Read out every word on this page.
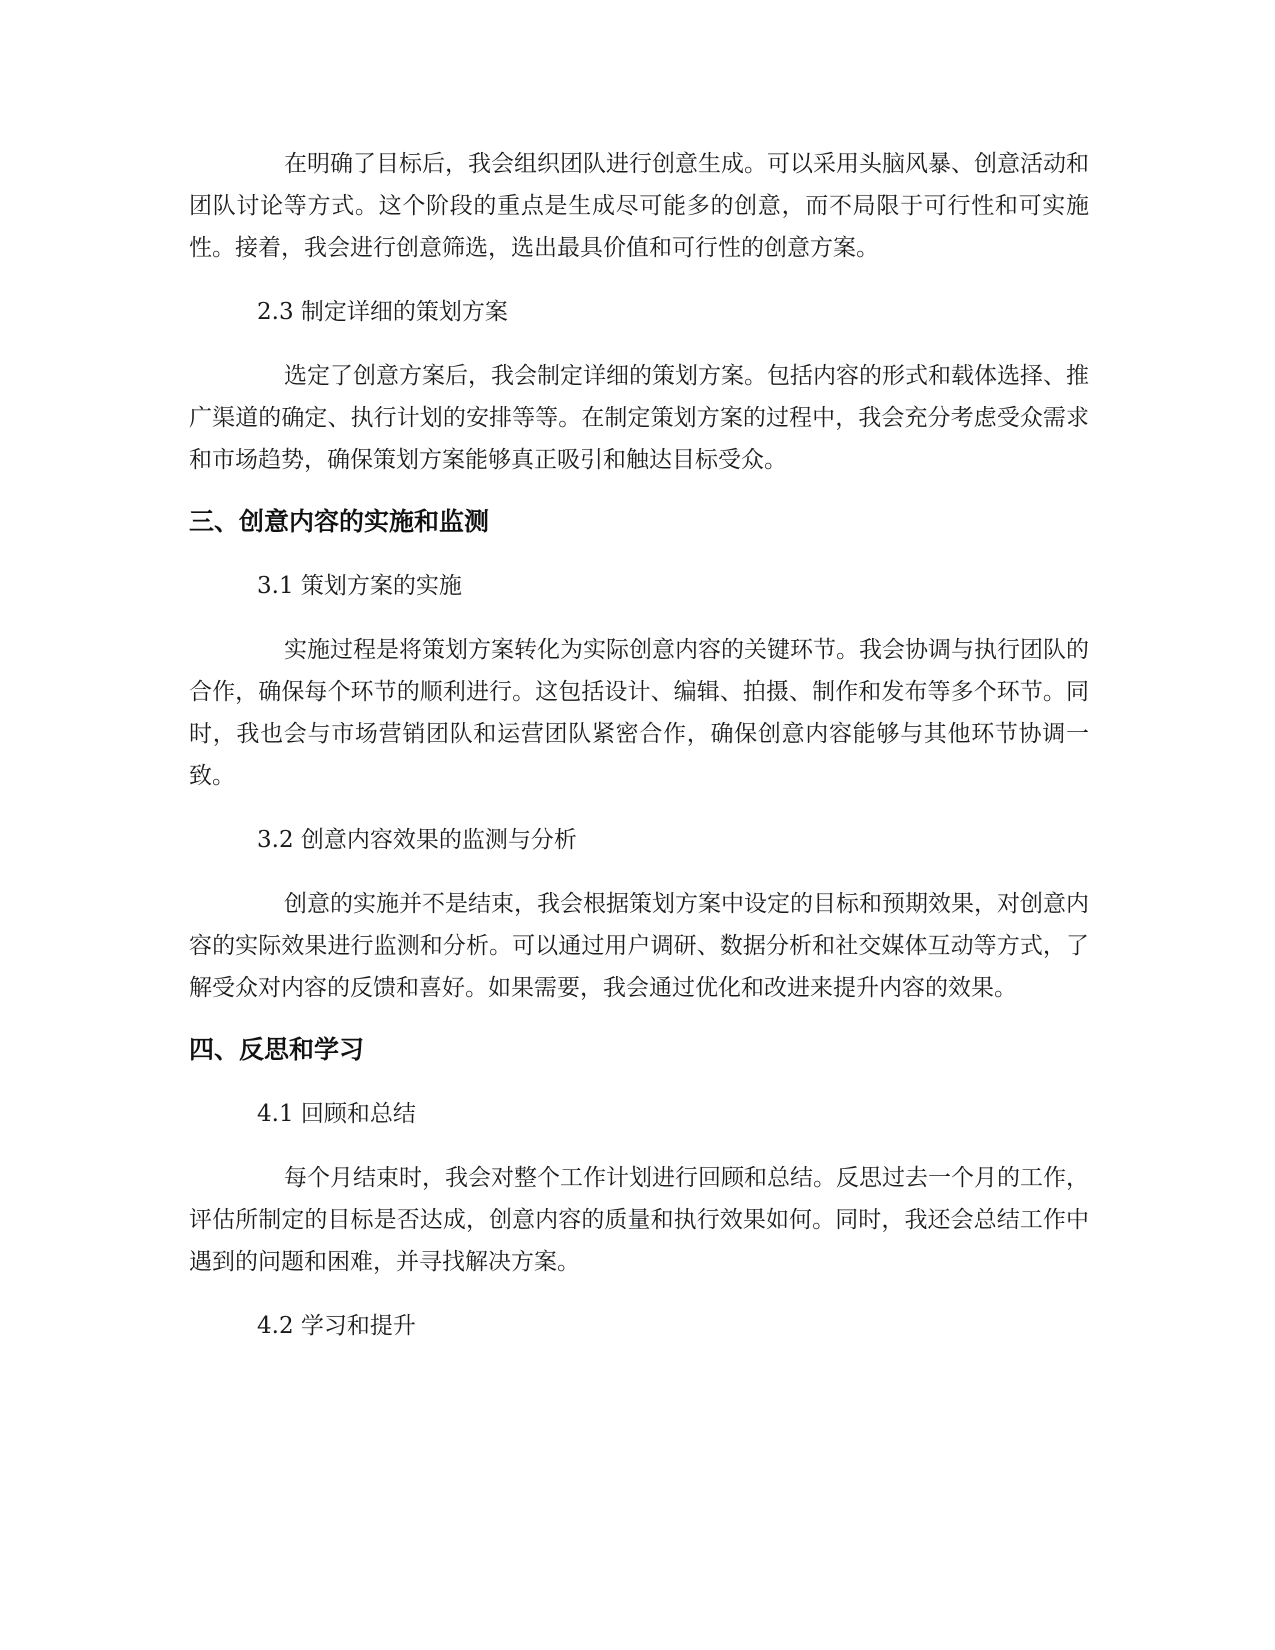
在明确了目标后，我会组织团队进行创意生成。可以采用头脑风暴、创意活动和团队讨论等方式。这个阶段的重点是生成尽可能多的创意，而不局限于可行性和可实施性。接着，我会进行创意筛选，选出最具价值和可行性的创意方案。

2.3 制定详细的策划方案

选定了创意方案后，我会制定详细的策划方案。包括内容的形式和载体选择、推广渠道的确定、执行计划的安排等等。在制定策划方案的过程中，我会充分考虑受众需求和市场趋势，确保策划方案能够真正吸引和触达目标受众。

三、创意内容的实施和监测

3.1 策划方案的实施

实施过程是将策划方案转化为实际创意内容的关键环节。我会协调与执行团队的合作，确保每个环节的顺利进行。这包括设计、编辑、拍摄、制作和发布等多个环节。同时，我也会与市场营销团队和运营团队紧密合作，确保创意内容能够与其他环节协调一致。

3.2 创意内容效果的监测与分析

创意的实施并不是结束，我会根据策划方案中设定的目标和预期效果，对创意内容的实际效果进行监测和分析。可以通过用户调研、数据分析和社交媒体互动等方式，了解受众对内容的反馈和喜好。如果需要，我会通过优化和改进来提升内容的效果。

四、反思和学习

4.1 回顾和总结

每个月结束时，我会对整个工作计划进行回顾和总结。反思过去一个月的工作，评估所制定的目标是否达成，创意内容的质量和执行效果如何。同时，我还会总结工作中遇到的问题和困难，并寻找解决方案。

4.2 学习和提升
